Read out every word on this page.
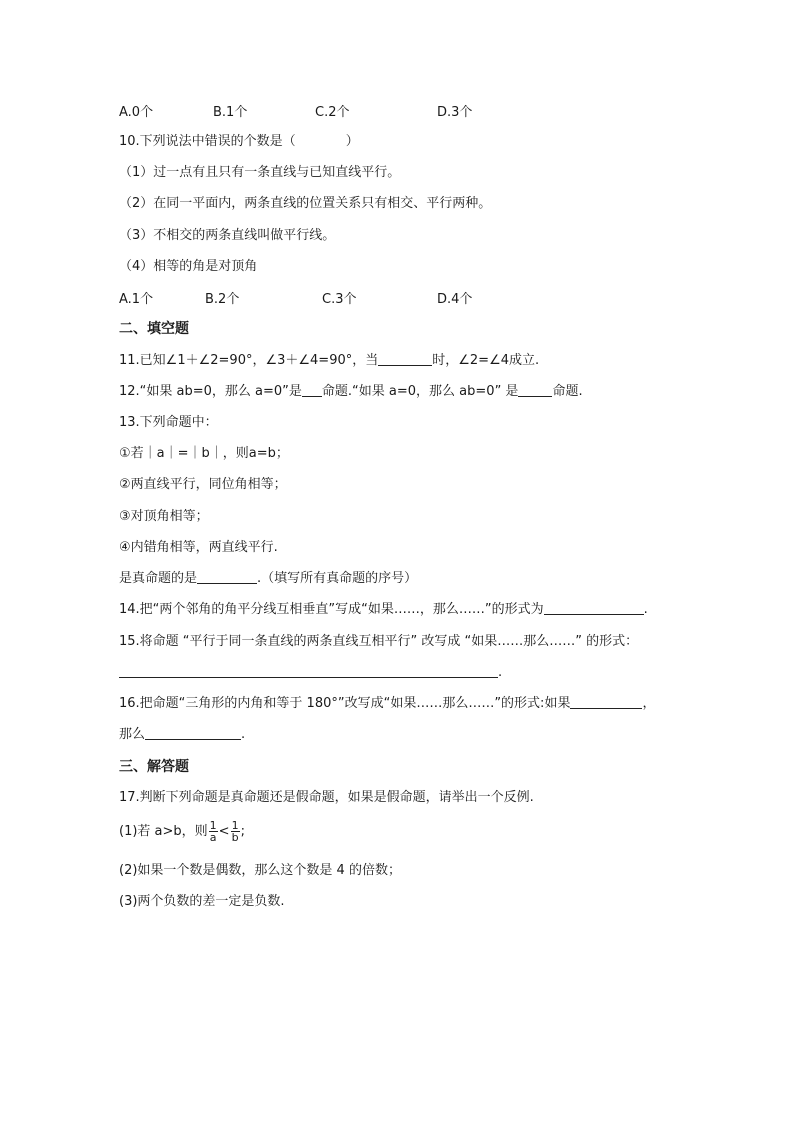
A.0个	B.1个	C.2个	D.3个
10.下列说法中错误的个数是（	）
（1）过一点有且只有一条直线与已知直线平行。
（2）在同一平面内，两条直线的位置关系只有相交、平行两种。
（3）不相交的两条直线叫做平行线。
（4）相等的角是对顶角
A.1个	B.2个	C.3个	D.4个
二、填空题
11.已知∠1＋∠2=90°，∠3＋∠4=90°，当	时，∠2=∠4成立.
12.“如果 ab=0，那么 a=0”是 命题.“如果 a=0，那么 ab=0” 是	命题.
13.下列命题中：
①若｜a｜=｜b｜，则a=b；
②两直线平行，同位角相等；
③对顶角相等；
④内错角相等，两直线平行.
是真命题的是	.（填写所有真命题的序号）
14.把“两个邻角的角平分线互相垂直”写成“如果……，那么……”的形式为	.
15.将命题 “平行于同一条直线的两条直线互相平行” 改写成 “如果……那么……” 的形式：
.
16.把命题“三角形的内角和等于 180°”改写成“如果……那么……”的形式:如果	，
那么	.
三、解答题
17.判断下列命题是真命题还是假命题，如果是假命题，请举出一个反例.
(1)若 a>b，则 $\frac{1}{a} < \frac{1}{b}$ ;
(2)如果一个数是偶数，那么这个数是 4 的倍数；
(3)两个负数的差一定是负数.
